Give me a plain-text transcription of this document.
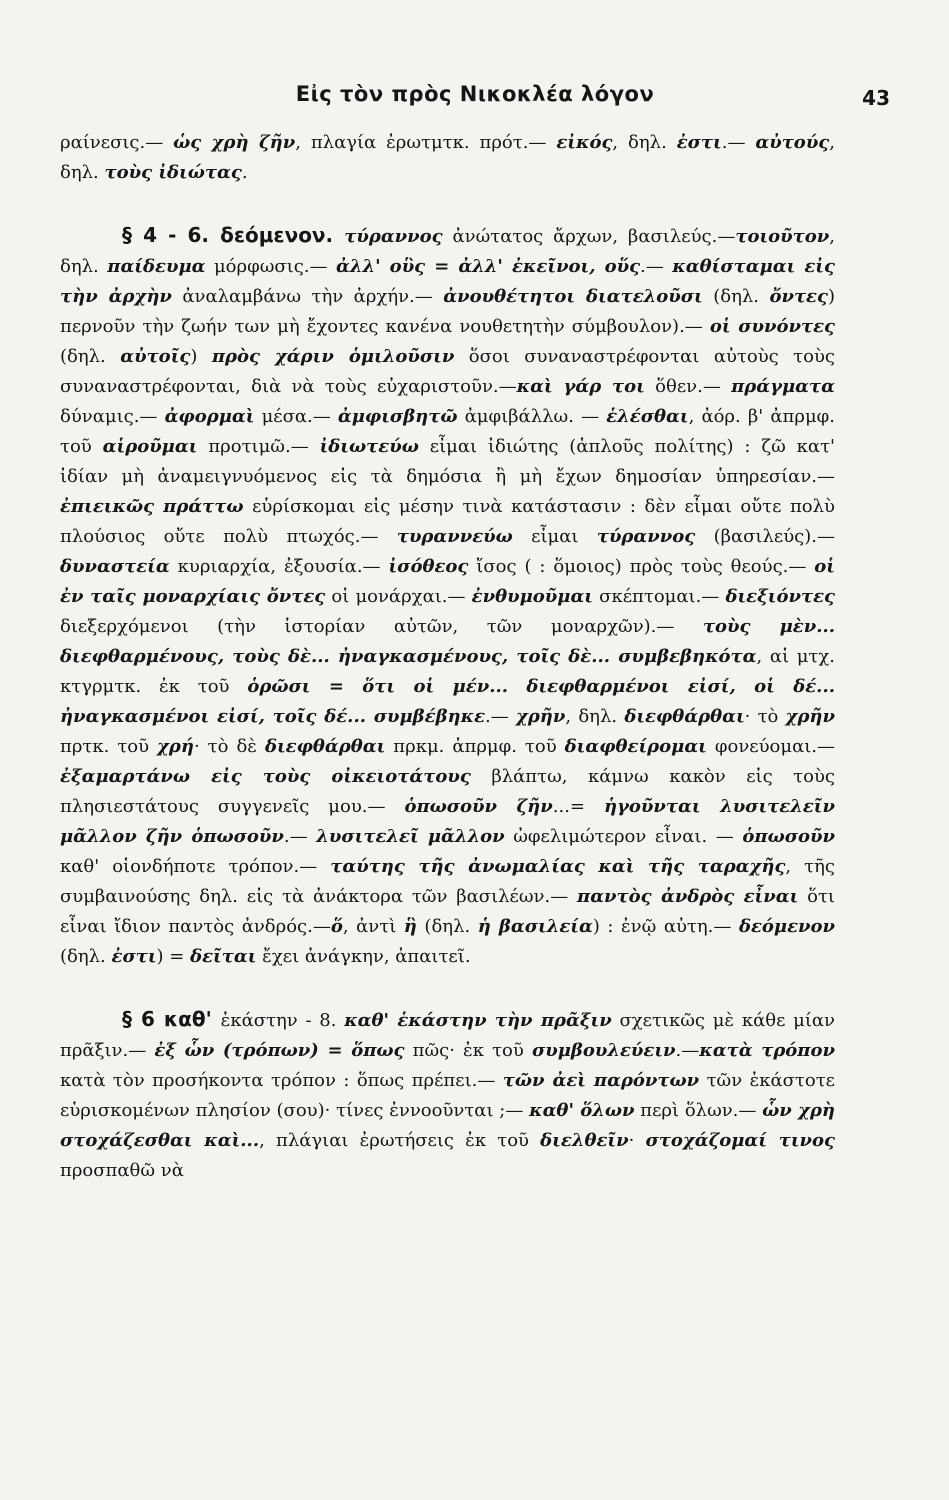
Εἰς τὸν πρὸς Νικοκλέα λόγον	43

ραίνεσις.— ὡς χρὴ ζῆν, πλαγία ἐρωτμτκ. πρότ.— εἰκός, δηλ. ἐστι.— αὐτούς, δηλ. τοὺς ἰδιώτας.

§ 4 - 6. δεόμενον. τύραννος ἀνώτατος ἄρχων, βασιλεύς.—τοιοῦτον, δηλ. παίδευμα μόρφωσις.— ἀλλ' οὓς = ἀλλ' ἐκεῖνοι, οὕς.— καθίσταμαι εἰς τὴν ἀρχὴν ἀναλαμβάνω τὴν ἀρχήν.— ἀνουθέτητοι διατελοῦσι (δηλ. ὄντες) περνοῦν τὴν ζωήν των μὴ ἔχοντες κανένα νουθετητὴν σύμβουλον).— οἱ συνόντες (δηλ. αὐτοῖς) πρὸς χάριν ὁμιλοῦσιν ὅσοι συναναστρέφονται αὐτοὺς τοὺς συναναστρέφονται, διὰ νὰ τοὺς εὐχαριστοῦν.—καὶ γάρ τοι ὅθεν.— πράγματα δύναμις.— ἀφορμαὶ μέσα.— ἀμφισβητῶ ἀμφιβάλλω. — ἑλέσθαι, ἀόρ. β' ἀπρμφ. τοῦ αἱροῦμαι προτιμῶ.— ἰδιωτεύω εἶμαι ἰδιώτης (ἁπλοῦς πολίτης) : ζῶ κατ' ἰδίαν μὴ ἀναμειγνυόμενος εἰς τὰ δημόσια ἢ μὴ ἔχων δημοσίαν ὑπηρεσίαν.— ἐπιεικῶς πράττω εὑρίσκομαι εἰς μέσην τινὰ κατάστασιν : δὲν εἶμαι οὔτε πολὺ πλούσιος οὔτε πολὺ πτωχός.— τυραννεύω εἶμαι τύραννος (βασιλεύς).— δυναστεία κυριαρχία, ἐξουσία.— ἰσόθεος ἴσος ( : ὅμοιος) πρὸς τοὺς θεούς.— οἱ ἐν ταῖς μοναρχίαις ὄντες οἱ μονάρχαι.— ἐνθυμοῦμαι σκέπτομαι.— διεξιόντες διεξερχόμενοι (τὴν ἱστορίαν αὐτῶν, τῶν μοναρχῶν).— τοὺς μὲν... διεφθαρμένους, τοὺς δὲ... ἠναγκασμένους, τοῖς δὲ... συμβεβηκότα, αἱ μτχ. κτγρμτκ. ἐκ τοῦ ὁρῶσι = ὅτι οἱ μέν... διεφθαρμένοι εἰσί, οἱ δέ... ἠναγκασμένοι εἰσί, τοῖς δέ... συμβέβηκε.— χρῆν, δηλ. διεφθάρθαι· τὸ χρῆν πρτκ. τοῦ χρή· τὸ δὲ διεφθάρθαι πρκμ. ἀπρμφ. τοῦ διαφθείρομαι φονεύομαι.— ἐξαμαρτάνω εἰς τοὺς οἰκειοτάτους βλάπτω, κάμνω κακὸν εἰς τοὺς πλησιεστάτους συγγενεῖς μου.— ὁπωσοῦν ζῆν...= ἡγοῦνται λυσιτελεῖν μᾶλλον ζῆν ὁπωσοῦν.— λυσιτελεῖ μᾶλλον ὠφελιμώτερον εἶναι. — ὁπωσοῦν καθ' οἱονδήποτε τρόπον.— ταύτης τῆς ἀνωμαλίας καὶ τῆς ταραχῆς, τῆς συμβαινούσης δηλ. εἰς τὰ ἀνάκτορα τῶν βασιλέων.— παντὸς ἀνδρὸς εἶναι ὅτι εἶναι ἴδιον παντὸς ἀνδρός.—ὅ, ἀντὶ ἣ (δηλ. ἡ βασιλεία) : ἐνῷ αὐτη.— δεόμενον (δηλ. ἐστι) = δεῖται ἔχει ἀνάγκην, ἀπαιτεῖ.

§ 6 καθ' ἑκάστην - 8. καθ' ἑκάστην τὴν πρᾶξιν σχετικῶς μὲ κάθε μίαν πρᾶξιν.— ἐξ ὧν (τρόπων) = ὅπως πῶς· ἐκ τοῦ συμβουλεύειν.—κατὰ τρόπον κατὰ τὸν προσήκοντα τρόπον : ὅπως πρέπει.— τῶν ἀεὶ παρόντων τῶν ἑκάστοτε εὑρισκομένων πλησίον (σου)· τίνες ἐννοοῦνται ;— καθ' ὅλων περὶ ὅλων.— ὧν χρὴ στοχάζεσθαι καὶ..., πλάγιαι ἐρωτήσεις ἐκ τοῦ διελθεῖν· στοχάζομαί τινος προσπαθῶ νὰ
